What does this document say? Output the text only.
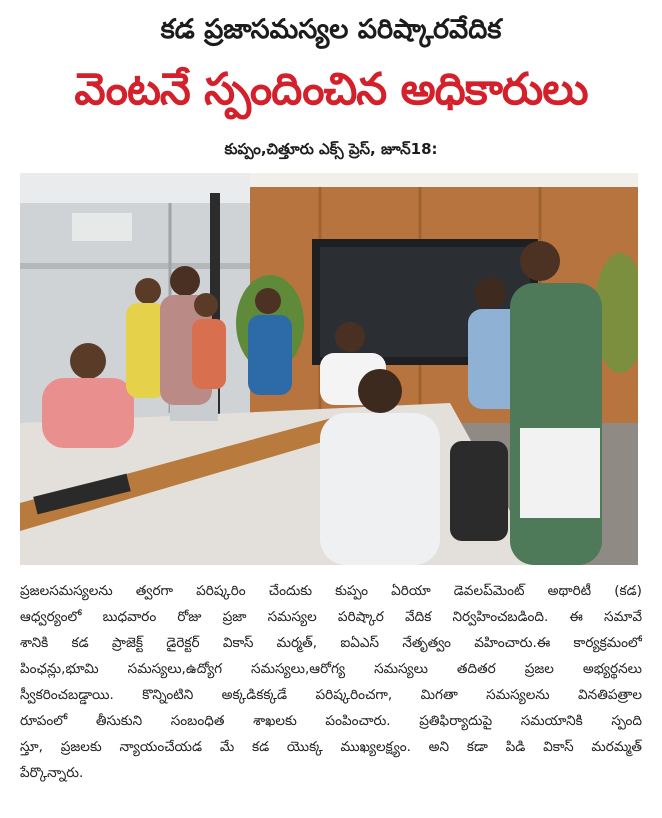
కడ ప్రజాసమస్యల పరిష్కారవేదిక
వెంటనే స్పందించిన అధికారులు
కుప్పం,చిత్తూరు ఎక్స్ ప్రెస్, జూన్18:
ప్రజలసమస్యలను త్వరగా పరిష్కరిం చేందుకు కుప్పం ఏరియా డెవలప్‌మెంట్ అథారిటీ (కడ)
ఆధ్వర్యంలో బుధవారం రోజు ప్రజా సమస్యల పరిష్కార వేదిక నిర్వహించబడింది. ఈ సమావే
శానికి కడ ప్రాజెక్ట్ డైరెక్టర్ వికాస్ మర్మత్, ఐఏఎస్ నేతృత్వం వహించారు.ఈ కార్యక్రమంలో
పింఛన్లు,భూమి సమస్యలు,ఉద్యోగ సమస్యలు,ఆరోగ్య సమస్యలు తదితర ప్రజల అభ్యర్థనలు
స్వీకరించబడ్డాయి. కొన్నింటిని అక్కడికక్కడే పరిష్కరించగా, మిగతా సమస్యలను వినతిపత్రాల
రూపంలో తీసుకుని సంబంధిత శాఖలకు పంపించారు. ప్రతిఫిర్యాదుపై సమయానికి స్పంది
స్తూ, ప్రజలకు న్యాయంచేయడ మే కడ యొక్క ముఖ్యలక్ష్యం. అని కడా పిడి వికాస్ మరమ్మత్
పేర్కొన్నారు.
